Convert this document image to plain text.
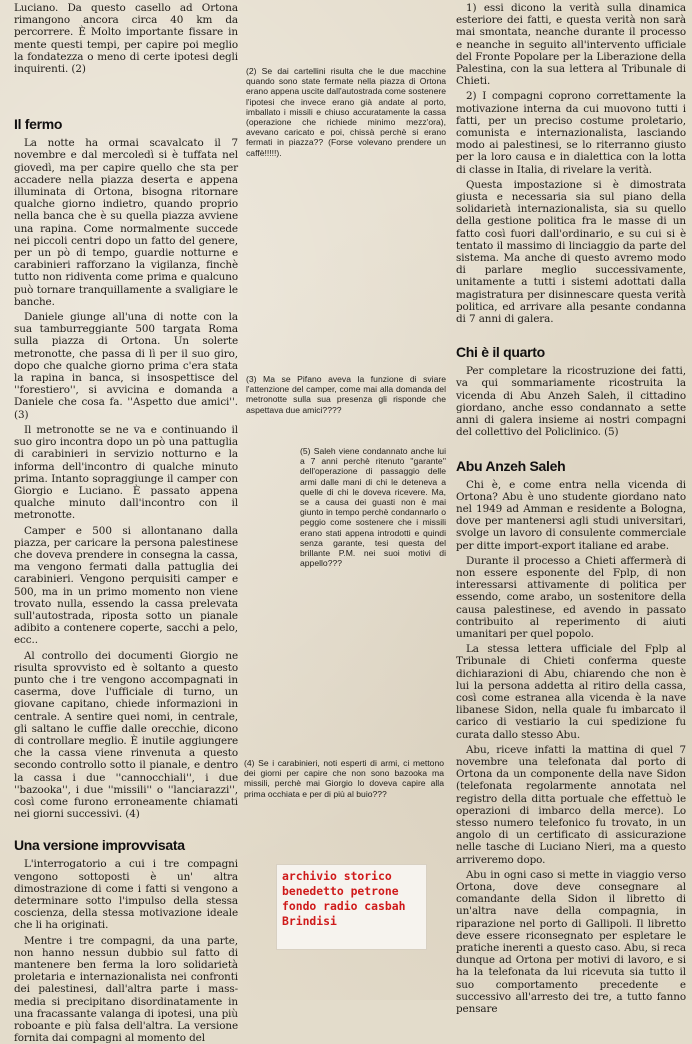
Luciano. Da questo casello ad Ortona rimangono ancora circa 40 km da percorrere. È Molto importante fissare in mente questi tempi, per capire poi meglio la fondatezza o meno di certe ipotesi degli inquirenti. (2)

Il fermo

La notte ha ormai scavalcato il 7 novembre e dal mercoledì si è tuffata nel giovedì, ma per capire quello che sta per accadere nella piazza deserta e appena illuminata di Ortona, bisogna ritornare qualche giorno indietro, quando proprio nella banca che è su quella piazza avviene una rapina. Come normalmente succede nei piccoli centri dopo un fatto del genere, per un pò di tempo, guardie notturne e carabinieri rafforzano la vigilanza, finchè tutto non ridiventa come prima e qualcuno può tornare tranquillamente a svaligiare le banche.

Daniele giunge all'una di notte con la sua tamburreggiante 500 targata Roma sulla piazza di Ortona. Un solerte metronotte, che passa di lì per il suo giro, dopo che qualche giorno prima c'era stata la rapina in banca, si insospettisce del ''forestiero'', si avvicina e domanda a Daniele che cosa fa. ''Aspetto due amici''. (3)

Il metronotte se ne va e continuando il suo giro incontra dopo un pò una pattuglia di carabinieri in servizio notturno e la informa dell'incontro di qualche minuto prima. Intanto sopraggiunge il camper con Giorgio e Luciano. È passato appena qualche minuto dall'incontro con il metronotte.

Camper e 500 si allontanano dalla piazza, per caricare la persona palestinese che doveva prendere in consegna la cassa, ma vengono fermati dalla pattuglia dei carabinieri. Vengono perquisiti camper e 500, ma in un primo momento non viene trovato nulla, essendo la cassa prelevata sull'autostrada, riposta sotto un pianale adibito a contenere coperte, sacchi a pelo, ecc..

Al controllo dei documenti Giorgio ne risulta sprovvisto ed è soltanto a questo punto che i tre vengono accompagnati in caserma, dove l'ufficiale di turno, un giovane capitano, chiede informazioni in centrale. A sentire quei nomi, in centrale, gli saltano le cuffie dalle orecchie, dicono di controllare meglio. È inutile aggiungere che la cassa viene rinvenuta a questo secondo controllo sotto il pianale, e dentro la cassa i due ''cannocchiali'', i due ''bazooka'', i due ''missili'' o ''lanciarazzi'', così come furono erroneamente chiamati nei giorni successivi. (4)

Una versione improvvisata

L'interrogatorio a cui i tre compagni vengono sottoposti è un' altra dimostrazione di come i fatti si vengono a determinare sotto l'impulso della stessa coscienza, della stessa motivazione ideale che li ha originati.

Mentre i tre compagni, da una parte, non hanno nessun dubbio sul fatto di mantenere ben ferma la loro solidarietà proletaria e internazionalista nei confronti dei palestinesi, dall'altra parte i mass-media si precipitano disordinatamente in una fracassante valanga di ipotesi, una più roboante e più falsa dell'altra. La versione fornita dai compagni al momento del

(2) Se dai cartellini risulta che le due macchine quando sono state fermate nella piazza di Ortona erano appena uscite dall'autostrada come sostenere l'ipotesi che invece erano già andate al porto, imballato i missili e chiuso accuratamente la cassa (operazione che richiede minimo mezz'ora), avevano caricato e poi, chissà perchè si erano fermati in piazza?? (Forse volevano prendere un caffè!!!!!).

(3) Ma se Pifano aveva la funzione di sviare l'attenzione del camper, come mai alla domanda del metronotte sulla sua presenza gli risponde che aspettava due amici????

(5) Saleh viene condannato anche lui a 7 anni perchè ritenuto ''garante'' dell'operazione di passaggio delle armi dalle mani di chi le deteneva a quelle di chi le doveva ricevere. Ma, se a causa dei guasti non è mai giunto in tempo perchè condannarlo o peggio come sostenere che i missili erano stati appena introdotti e quindi senza garante, tesi questa del brillante P.M. nei suoi motivi di appello???

(4) Se i carabinieri, noti esperti di armi, ci mettono dei giorni per capire che non sono bazooka ma missili, perchè mai Giorgio lo doveva capire alla prima occhiata e per di più al buio???

1) essi dicono la verità sulla dinamica esteriore dei fatti, e questa verità non sarà mai smontata, neanche durante il processo e neanche in seguito all'intervento ufficiale del Fronte Popolare per la Liberazione della Palestina, con la sua lettera al Tribunale di Chieti.

2) I compagni coprono correttamente la motivazione interna da cui muovono tutti i fatti, per un preciso costume proletario, comunista e internazionalista, lasciando modo ai palestinesi, se lo riterranno giusto per la loro causa e in dialettica con la lotta di classe in Italia, di rivelare la verità.

Questa impostazione si è dimostrata giusta e necessaria sia sul piano della solidarietà internazionalista, sia su quello della gestione politica fra le masse di un fatto così fuori dall'ordinario, e su cui si è tentato il massimo di linciaggio da parte del sistema. Ma anche di questo avremo modo di parlare meglio successivamente, unitamente a tutti i sistemi adottati dalla magistratura per disinnescare questa verità politica, ed arrivare alla pesante condanna di 7 anni di galera.

Chi è il quarto

Per completare la ricostruzione dei fatti, va qui sommariamente ricostruita la vicenda di Abu Anzeh Saleh, il cittadino giordano, anche esso condannato a sette anni di galera insieme ai nostri compagni del collettivo del Policlinico. (5)

Abu Anzeh Saleh

Chi è, e come entra nella vicenda di Ortona? Abu è uno studente giordano nato nel 1949 ad Amman e residente a Bologna, dove per mantenersi agli studi universitari, svolge un lavoro di consulente commerciale per ditte import-export italiane ed arabe.

Durante il processo a Chieti affermerà di non essere esponente del Fplp, di non interessarsi attivamente di politica per essendo, come arabo, un sostenitore della causa palestinese, ed avendo in passato contribuito al reperimento di aiuti umanitari per quel popolo.

La stessa lettera ufficiale del Fplp al Tribunale di Chieti conferma queste dichiarazioni di Abu, chiarendo che non è lui la persona addetta al ritiro della cassa, così come estranea alla vicenda è la nave libanese Sidon, nella quale fu imbarcato il carico di vestiario la cui spedizione fu curata dallo stesso Abu.

Abu, riceve infatti la mattina di quel 7 novembre una telefonata dal porto di Ortona da un componente della nave Sidon (telefonata regolarmente annotata nel registro della ditta portuale che effettuò le operazioni di imbarco della merce). Lo stesso numero telefonico fu trovato, in un angolo di un certificato di assicurazione nelle tasche di Luciano Nieri, ma a questo arriveremo dopo.

Abu in ogni caso si mette in viaggio verso Ortona, dove deve consegnare al comandante della Sidon il libretto di un'altra nave della compagnia, in riparazione nel porto di Gallipoli. Il libretto deve essere riconsegnato per espletare le pratiche inerenti a questo caso. Abu, si reca dunque ad Ortona per motivi di lavoro, e si ha la telefonata da lui ricevuta sia tutto il suo comportamento precedente e successivo all'arresto dei tre, a tutto fanno pensare

archivio storico
benedetto petrone
fondo radio casbah
Brindisi
